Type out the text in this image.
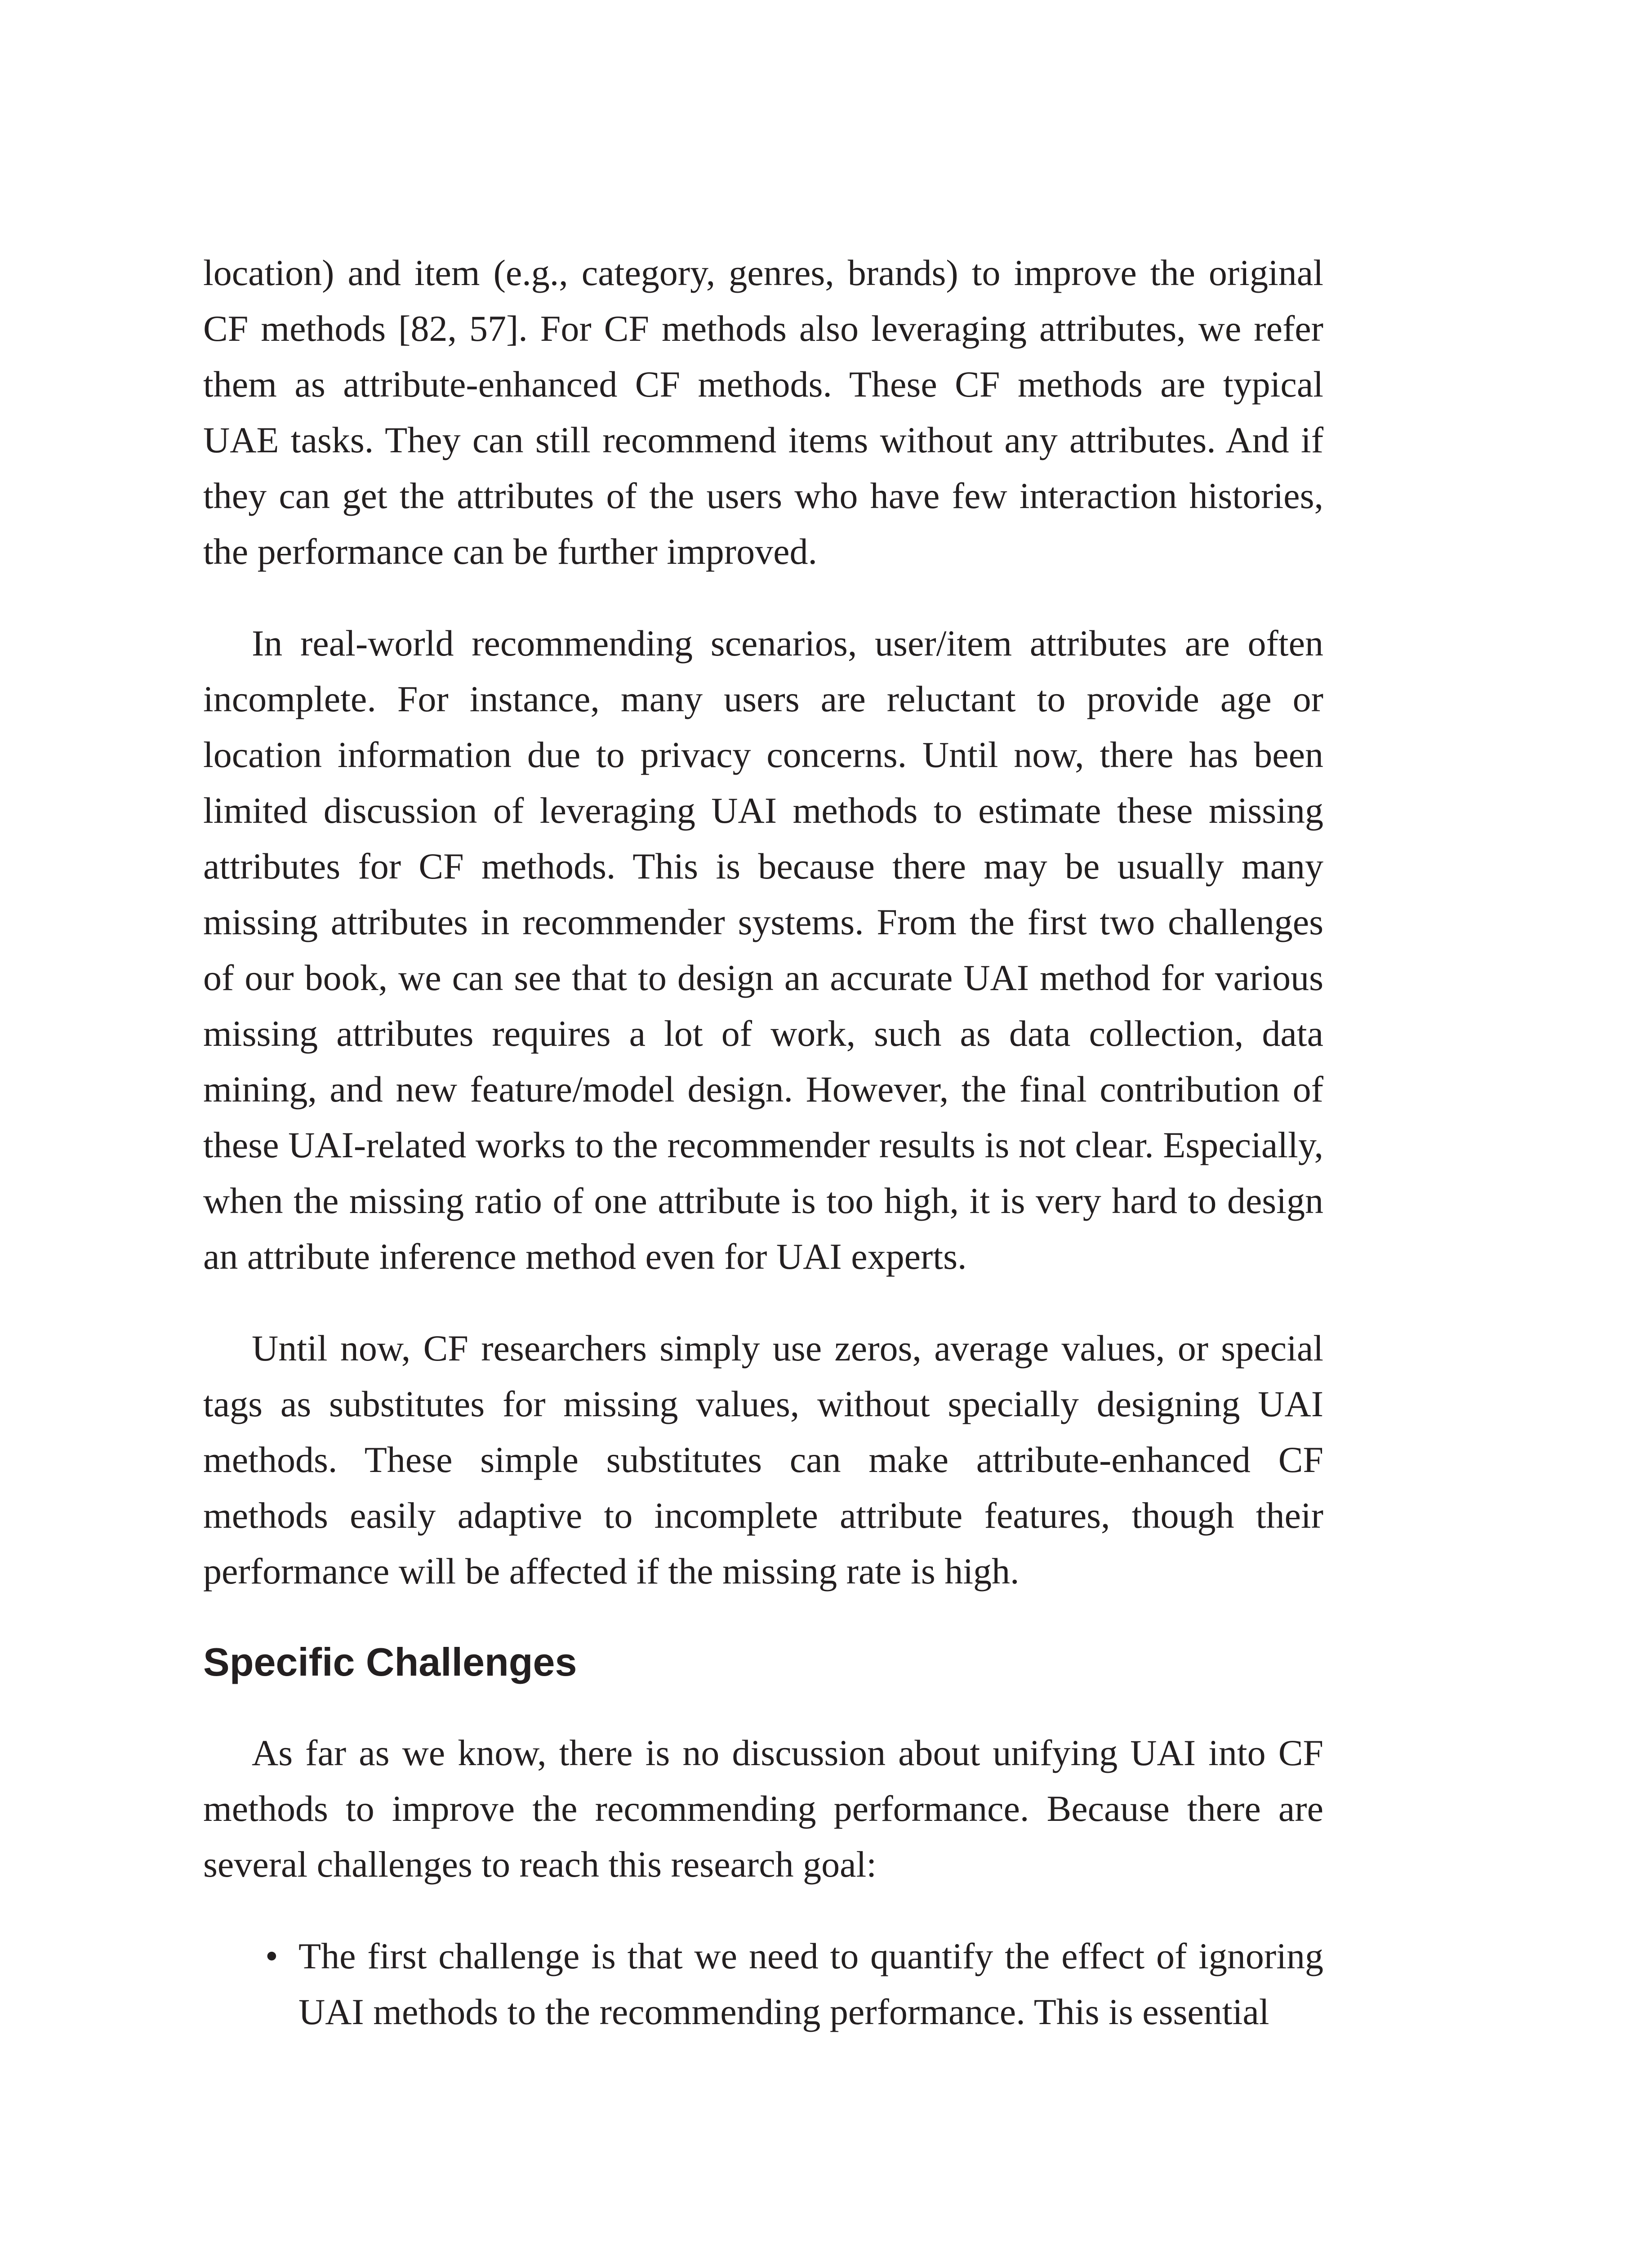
location) and item (e.g., category, genres, brands) to improve the original CF methods [82, 57]. For CF methods also leveraging attributes, we refer them as attribute-enhanced CF methods. These CF methods are typical UAE tasks. They can still recommend items without any attributes. And if they can get the attributes of the users who have few interaction histories, the performance can be further improved.

In real-world recommending scenarios, user/item attributes are often incomplete. For instance, many users are reluctant to provide age or location information due to privacy concerns. Until now, there has been limited discussion of leveraging UAI methods to estimate these missing attributes for CF methods. This is because there may be usually many missing attributes in recommender systems. From the first two challenges of our book, we can see that to design an accurate UAI method for various missing attributes requires a lot of work, such as data collection, data mining, and new feature/model design. However, the final contribution of these UAI-related works to the recommender results is not clear. Especially, when the missing ratio of one attribute is too high, it is very hard to design an attribute inference method even for UAI experts.

Until now, CF researchers simply use zeros, average values, or special tags as substitutes for missing values, without specially designing UAI methods. These simple substitutes can make attribute-enhanced CF methods easily adaptive to incomplete attribute features, though their performance will be affected if the missing rate is high.

Specific Challenges

As far as we know, there is no discussion about unifying UAI into CF methods to improve the recommending performance. Because there are several challenges to reach this research goal:

• The first challenge is that we need to quantify the effect of ignoring UAI methods to the recommending performance. This is essential
